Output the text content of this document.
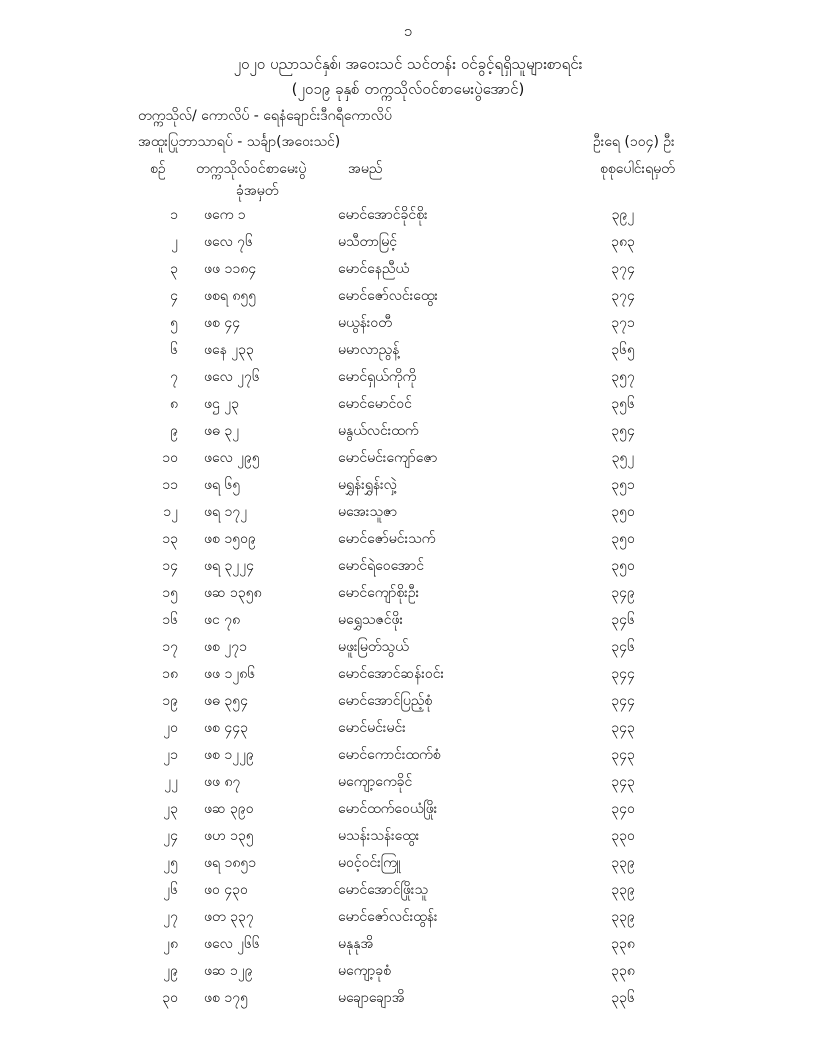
၁
၂၀၂၀ ပညာသင်နှစ်၊ အဝေးသင် သင်တန်း ဝင်ခွင့်ရရှိသူများစာရင်း
(၂၀၁၉ ခုနှစ် တက္ကသိုလ်ဝင်စာမေးပွဲအောင်)
တက္ကသိုလ်/ ကောလိပ် - ရေနံချောင်းဒီဂရီကောလိပ်
အထူးပြုဘာသာရပ် - သင်္ချာ(အဝေးသင်)	ဦးရေ (၁၀၄) ဦး
စဉ် တက္ကသိုလ်ဝင်စာမေးပွဲ
ခုံအမှတ်
အမည်	စုစုပေါင်းရမှတ်
၁ ဖကေ ၁	မောင်အောင်ခိုင်စိုး	၃၉၂
၂ ဖလေ ၇၆	မသီတာမြင့်	၃၈၃
၃ ဖဖ ၁၁၈၄	မောင်နေညီယံ	၃၇၄
၄ ဖစရ ၈၅၅	မောင်ဇော်လင်းထွေး	၃၇၄
၅ ဖစ ၄၄	မယွန်းဝတီ	၃၇၁
၆ ဖနေ ၂၃၃	မမာလာညွန့်	၃၆၅
၇ ဖလေ ၂၇၆	မောင်ရှယ်ကိုကို	၃၅၇
၈ ဖဌ ၂၃	မောင်မောင်ဝင်	၃၅၆
၉ ဖဓ ၃၂	မနွယ်လင်းထက်	၃၅၄
၁၀ ဖလေ ၂၉၅	မောင်မင်းကျော်ဇော	၃၅၂
၁၁ ဖရ ၆၅	မရွှန်းရွှန်းလှဲ့	၃၅၁
၁၂ ဖရ ၁၇၂	မအေးသူဇာ	၃၅၀
၁၃ ဖစ ၁၅၀၉	မောင်ဇော်မင်းသက်	၃၅၀
၁၄ ဖရ ၃၂၂၄	မောင်ရဲဝေအောင်	၃၅၀
၁၅ ဖဆ ၁၃၅၈	မောင်ကျော်စိုးဦး	၃၄၉
၁၆ ဖင ၇၈	မရွှေသဇင်ဖိုး	၃၄၆
၁၇ ဖစ ၂၇၁	မဖူးမြတ်သွယ်	၃၄၆
၁၈ ဖဖ ၁၂၈၆	မောင်အောင်ဆန်းဝင်း	၃၄၄
၁၉ ဖဓ ၃၅၄	မောင်အောင်ပြည့်စုံ	၃၄၄
၂၀ ဖစ ၄၄၃	မောင်မင်းမင်း	၃၄၃
၂၁ ဖစ ၁၂၂၉	မောင်ကောင်းထက်စံ	၃၄၃
၂၂ ဖဖ ၈၇	မကျော့ကေခိုင်	၃၄၃
၂၃ ဖဆ ၃၉၀	မောင်ထက်ဝေယံဖြိုး	၃၄၀
၂၄ ဖဟ ၁၃၅	မသန်းသန်းထွေး	၃၃၀
၂၅ ဖရ ၁၈၅၁	မဝင့်ဝင်းကြူ	၃၃၉
၂၆ ဖဝ ၄၃၀	မောင်အောင်ဖြိုးသူ	၃၃၉
၂၇ ဖတ ၃၃၇	မောင်ဇော်လင်းထွန်း	၃၃၉
၂၈ ဖလေ ၂၆၆	မနုနုအိ	၃၃၈
၂၉ ဖဆ ၁၂၉	မကျော့ခုစံ	၃၃၈
၃၀ ဖစ ၁၇၅	မချောချောအိ	၃၃၆
